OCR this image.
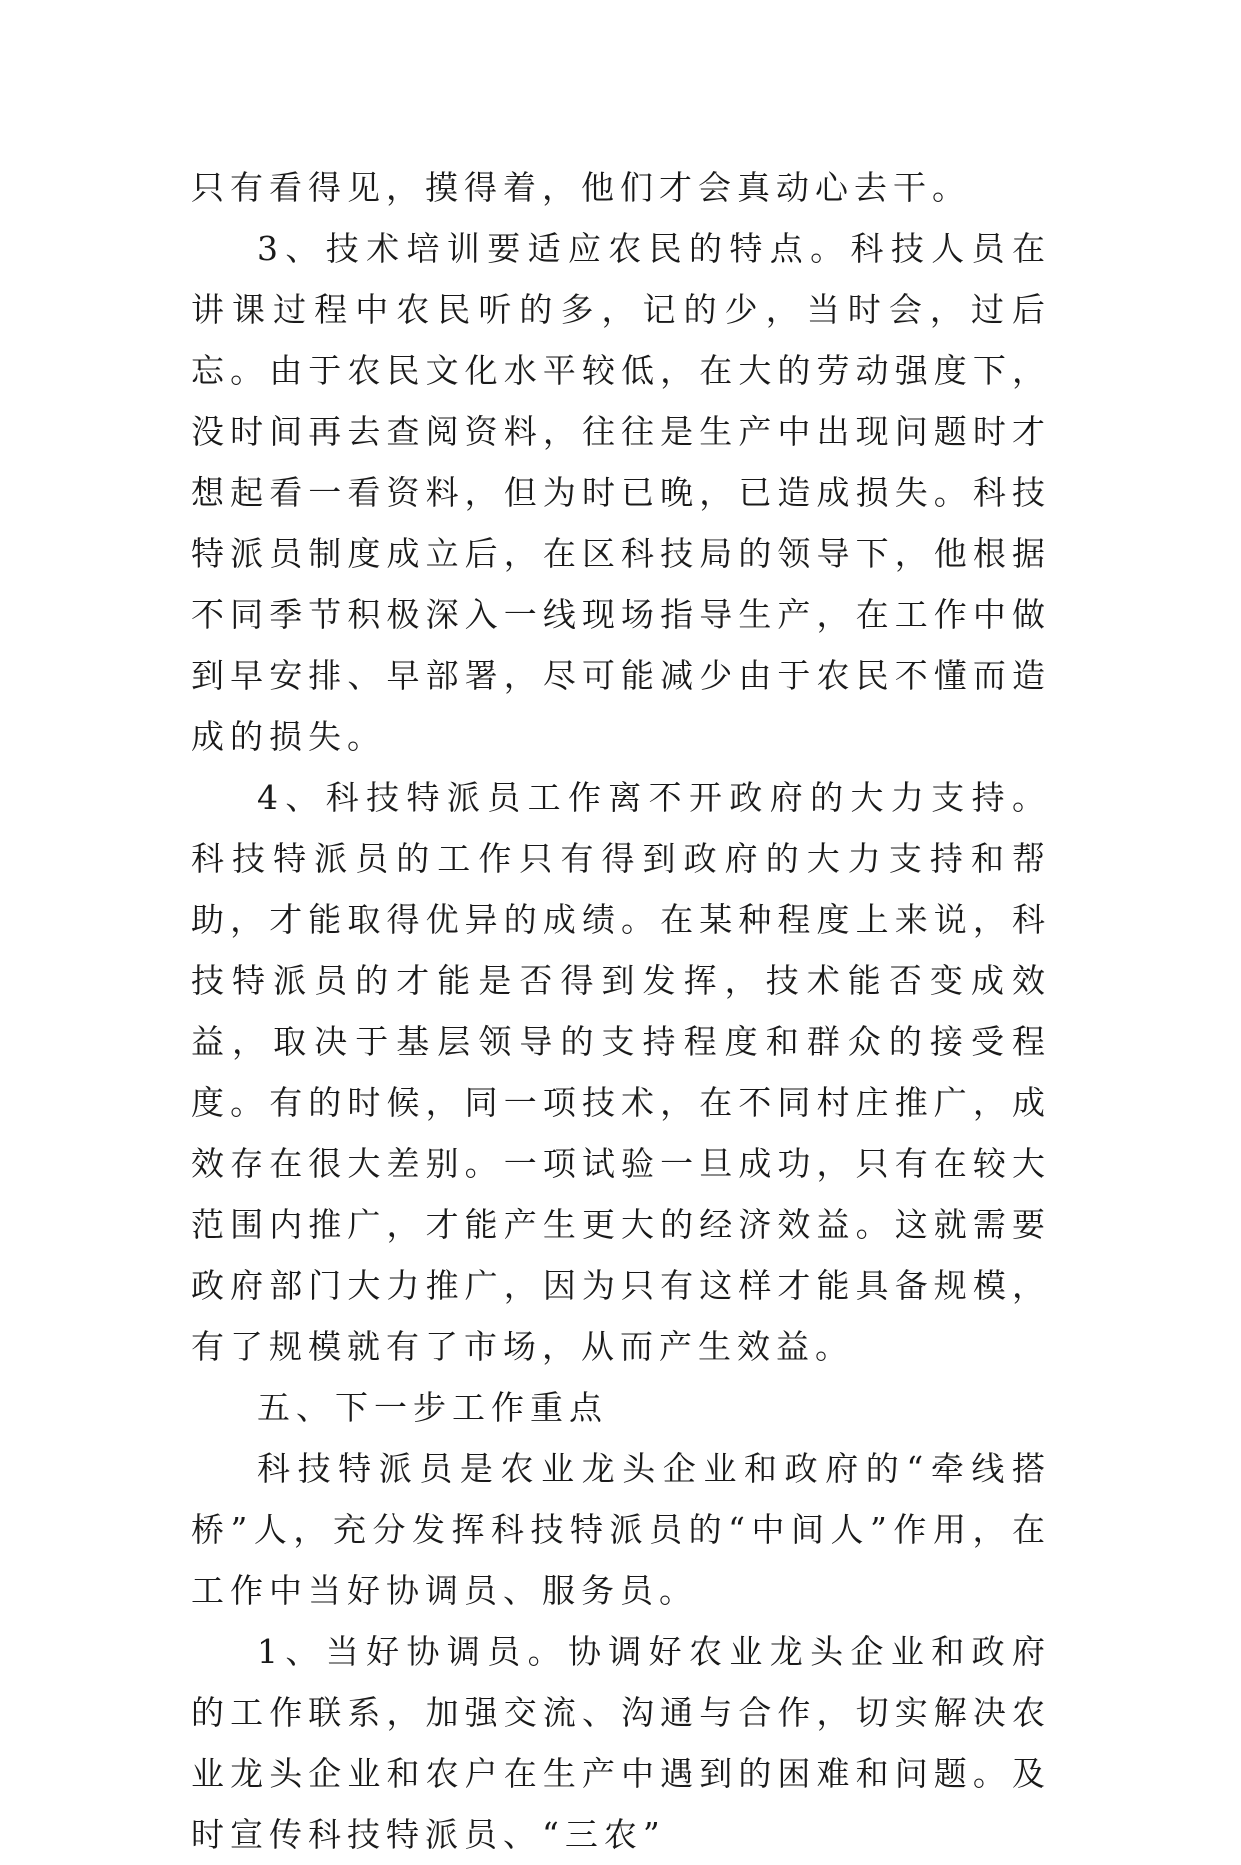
只有看得见，摸得着，他们才会真动心去干。

3、技术培训要适应农民的特点。科技人员在讲课过程中农民听的多，记的少，当时会，过后忘。由于农民文化水平较低，在大的劳动强度下，没时间再去查阅资料，往往是生产中出现问题时才想起看一看资料，但为时已晚，已造成损失。科技特派员制度成立后，在区科技局的领导下，他根据不同季节积极深入一线现场指导生产，在工作中做到早安排、早部署，尽可能减少由于农民不懂而造成的损失。

4、科技特派员工作离不开政府的大力支持。科技特派员的工作只有得到政府的大力支持和帮助，才能取得优异的成绩。在某种程度上来说，科技特派员的才能是否得到发挥，技术能否变成效益，取决于基层领导的支持程度和群众的接受程度。有的时候，同一项技术，在不同村庄推广，成效存在很大差别。一项试验一旦成功，只有在较大范围内推广，才能产生更大的经济效益。这就需要政府部门大力推广，因为只有这样才能具备规模，有了规模就有了市场，从而产生效益。

五、下一步工作重点

科技特派员是农业龙头企业和政府的“牵线搭桥”人，充分发挥科技特派员的“中间人”作用，在工作中当好协调员、服务员。

1、当好协调员。协调好农业龙头企业和政府的工作联系，加强交流、沟通与合作，切实解决农业龙头企业和农户在生产中遇到的困难和问题。及时宣传科技特派员、“三农”
